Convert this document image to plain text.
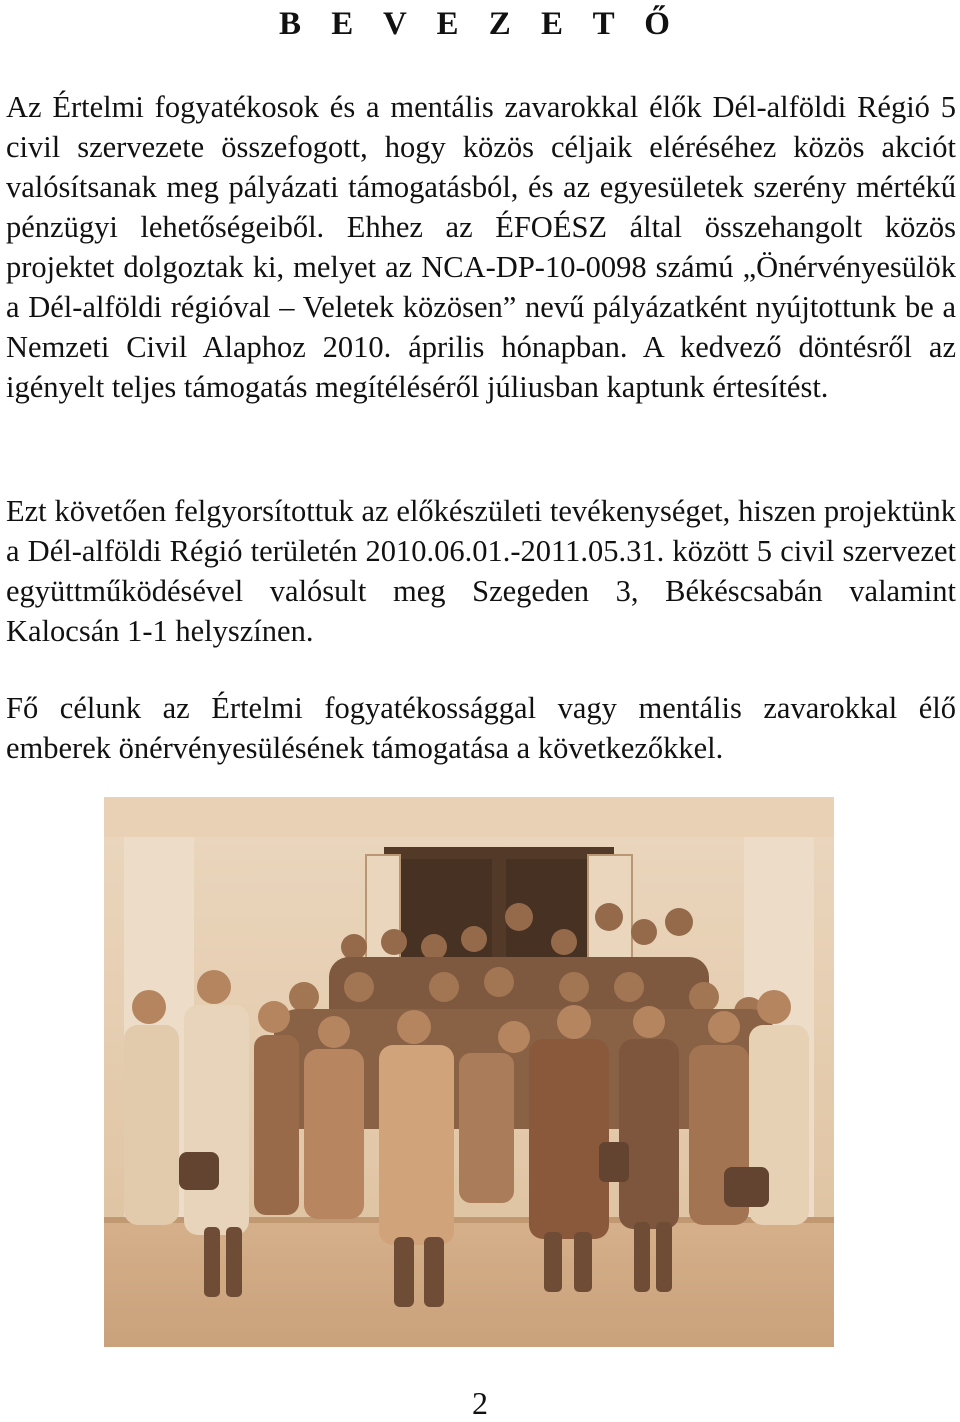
B E V E Z E T Ő

Az Értelmi fogyatékosok és a mentális zavarokkal élők Dél-alföldi Régió 5 civil szervezete összefogott, hogy közös céljaik eléréséhez közös akciót valósítsanak meg pályázati támogatásból, és az egyesületek szerény mértékű pénzügyi lehetőségeiből. Ehhez az ÉFOÉSZ által összehangolt közös projektet dolgoztak ki, melyet az NCA-DP-10-0098 számú „Önérvényesülök a Dél-alföldi régióval – Veletek közösen” nevű pályázatként nyújtottunk be a Nemzeti Civil Alaphoz 2010. április hónapban. A kedvező döntésről az igényelt teljes támogatás megítéléséről júliusban kaptunk értesítést.

Ezt követően felgyorsítottuk az előkészületi tevékenységet, hiszen projektünk a Dél-alföldi Régió területén 2010.06.01.-2011.05.31. között 5 civil szervezet együttműködésével valósult meg Szegeden 3, Békéscsabán valamint Kalocsán 1-1 helyszínen.

Fő célunk az Értelmi fogyatékossággal vagy mentális zavarokkal élő emberek önérvényesülésének támogatása a következőkkel.

2
